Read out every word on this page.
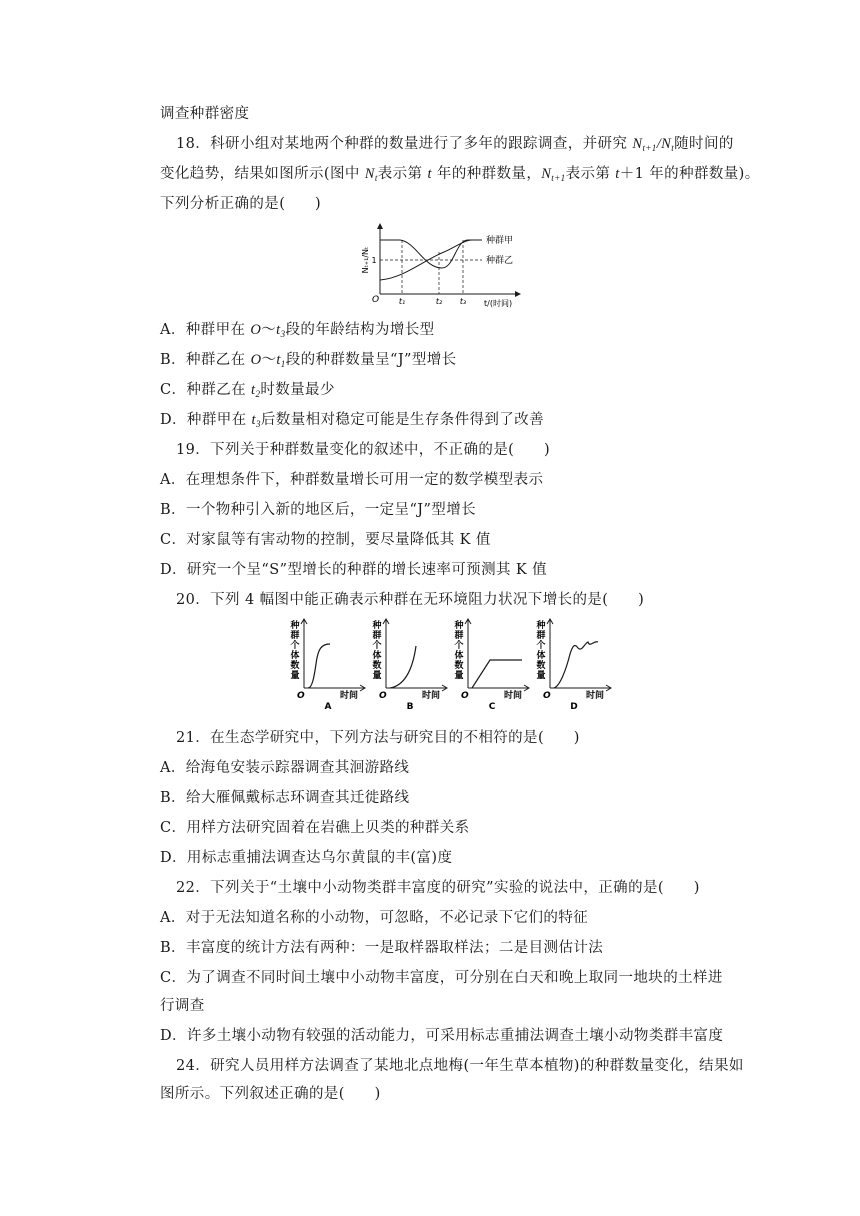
调查种群密度
18．科研小组对某地两个种群的数量进行了多年的跟踪调查，并研究 $N_{t+1}/N_t$随时间的
变化趋势，结果如图所示(图中 $N_t$表示第 t 年的种群数量，$N_{t+1}$表示第 t＋1 年的种群数量)。
下列分析正确的是(　　)
Nₜ₊₁/Nₜ 1
种群甲
种群乙
O t₁	t₂ t₃ t/(时间)
A．种群甲在 $O\sim t_3$段的年龄结构为增长型
B．种群乙在 $O\sim t_1$段的种群数量呈“J”型增长
C．种群乙在 $t_2$时数量最少
D．种群甲在 $t_3$后数量相对稳定可能是生存条件得到了改善
19．下列关于种群数量变化的叙述中，不正确的是(　　)
A．在理想条件下，种群数量增长可用一定的数学模型表示
B．一个物种引入新的地区后，一定呈“J”型增长
C．对家鼠等有害动物的控制，要尽量降低其 K 值
D．研究一个呈“S”型增长的种群的增长速率可预测其 K 值
20．下列 4 幅图中能正确表示种群在无环境阻力状况下增长的是(　　)
种
群
个
体
数
量
O	时间
A
种
群
个
体
数
量
O	时间
B
种
群
个
体
数
量
O	时间
C
种
群
个
体
数
量
O	时间
D
21．在生态学研究中，下列方法与研究目的不相符的是(　　)
A．给海龟安装示踪器调查其洄游路线
B．给大雁佩戴标志环调查其迁徙路线
C．用样方法研究固着在岩礁上贝类的种群关系
D．用标志重捕法调查达乌尔黄鼠的丰(富)度
22．下列关于“土壤中小动物类群丰富度的研究”实验的说法中，正确的是(　　)
A．对于无法知道名称的小动物，可忽略，不必记录下它们的特征
B．丰富度的统计方法有两种：一是取样器取样法；二是目测估计法
C．为了调查不同时间土壤中小动物丰富度，可分别在白天和晚上取同一地块的土样进
行调查
D．许多土壤小动物有较强的活动能力，可采用标志重捕法调查土壤小动物类群丰富度
24．研究人员用样方法调查了某地北点地梅(一年生草本植物)的种群数量变化，结果如
图所示。下列叙述正确的是(　　)
